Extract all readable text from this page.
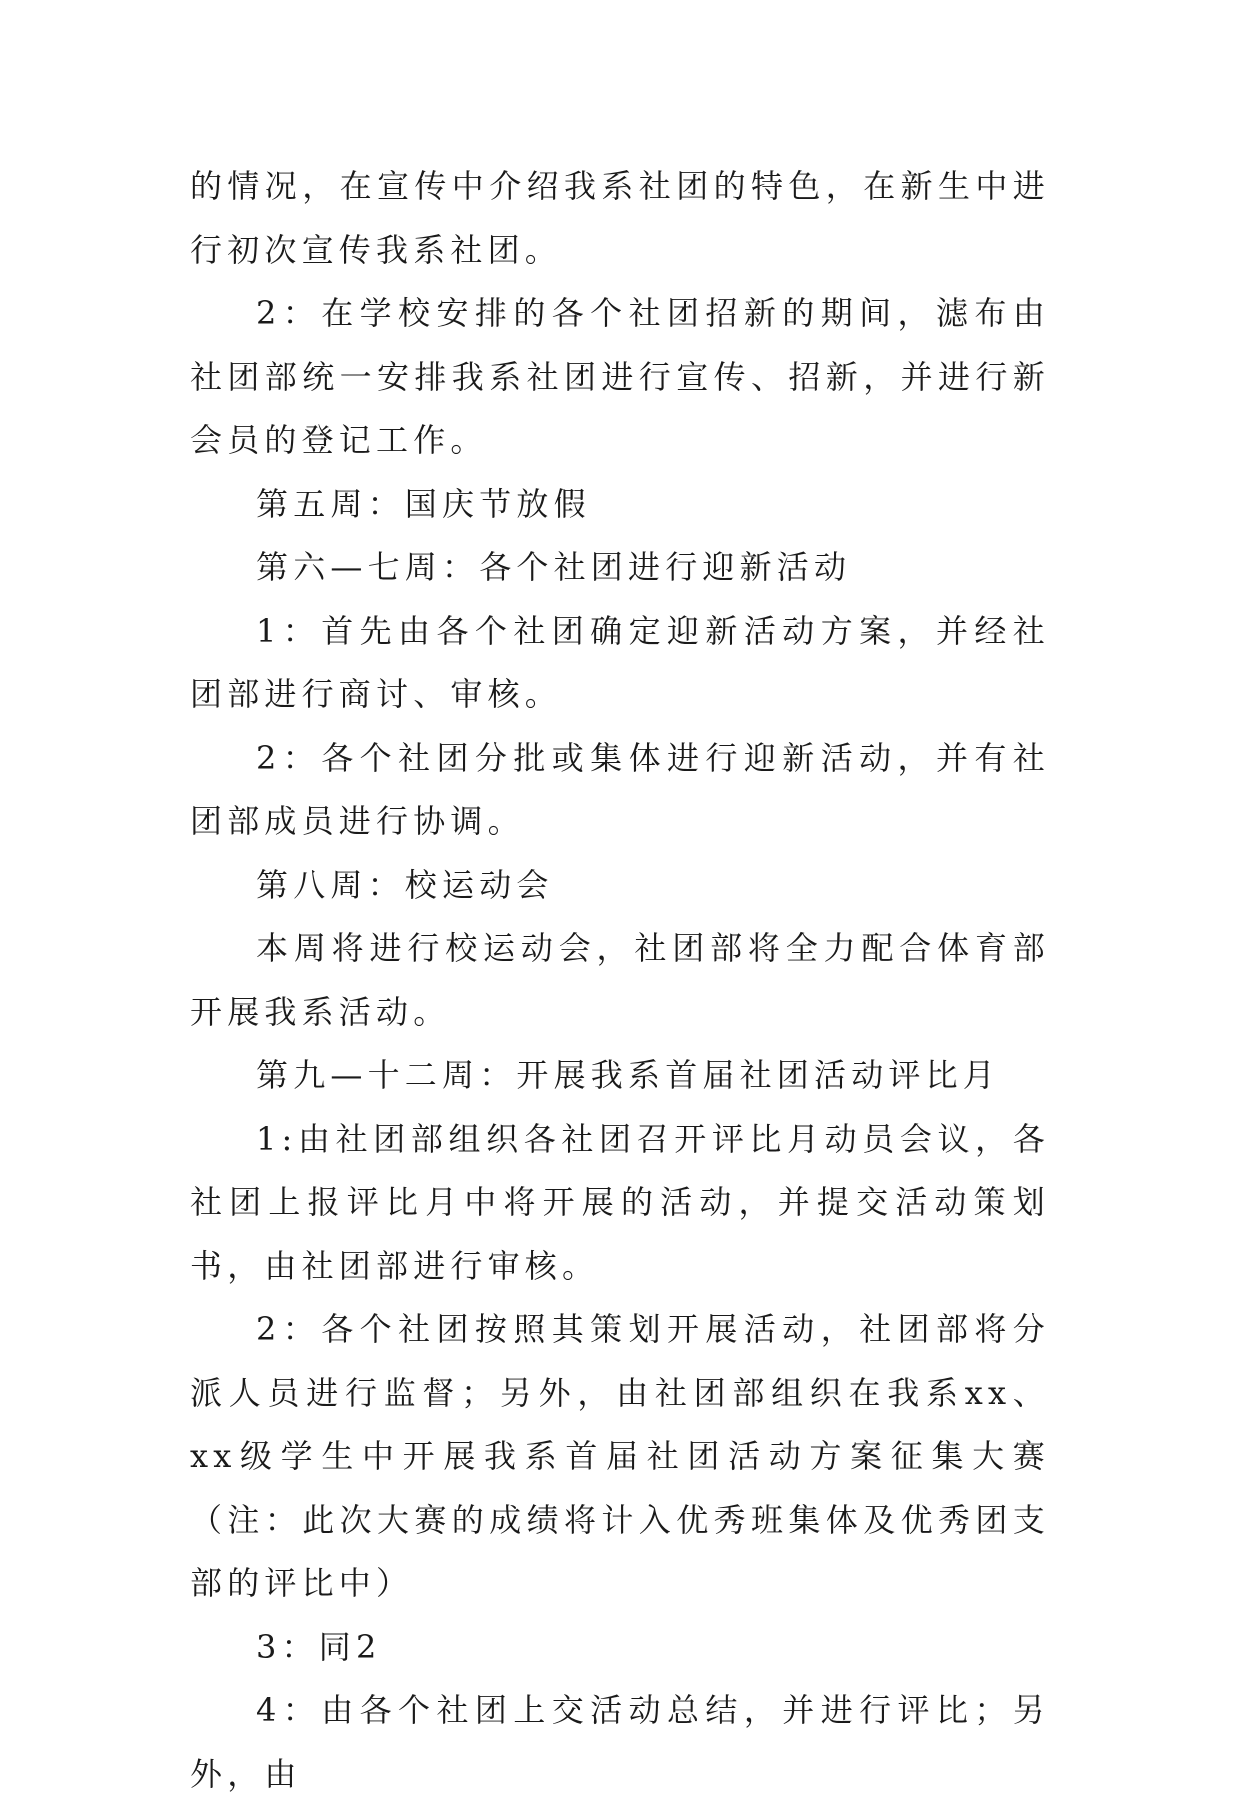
的情况，在宣传中介绍我系社团的特色，在新生中进行初次宣传我系社团。

2：在学校安排的各个社团招新的期间，滤布由社团部统一安排我系社团进行宣传、招新，并进行新会员的登记工作。

第五周：国庆节放假

第六—七周：各个社团进行迎新活动

1：首先由各个社团确定迎新活动方案，并经社团部进行商讨、审核。

2：各个社团分批或集体进行迎新活动，并有社团部成员进行协调。

第八周：校运动会

本周将进行校运动会，社团部将全力配合体育部开展我系活动。

第九—十二周：开展我系首届社团活动评比月

1:由社团部组织各社团召开评比月动员会议，各社团上报评比月中将开展的活动，并提交活动策划书，由社团部进行审核。

2：各个社团按照其策划开展活动，社团部将分派人员进行监督；另外，由社团部组织在我系xx、xx级学生中开展我系首届社团活动方案征集大赛（注：此次大赛的成绩将计入优秀班集体及优秀团支部的评比中）

3：同2

4：由各个社团上交活动总结，并进行评比；另外，由
